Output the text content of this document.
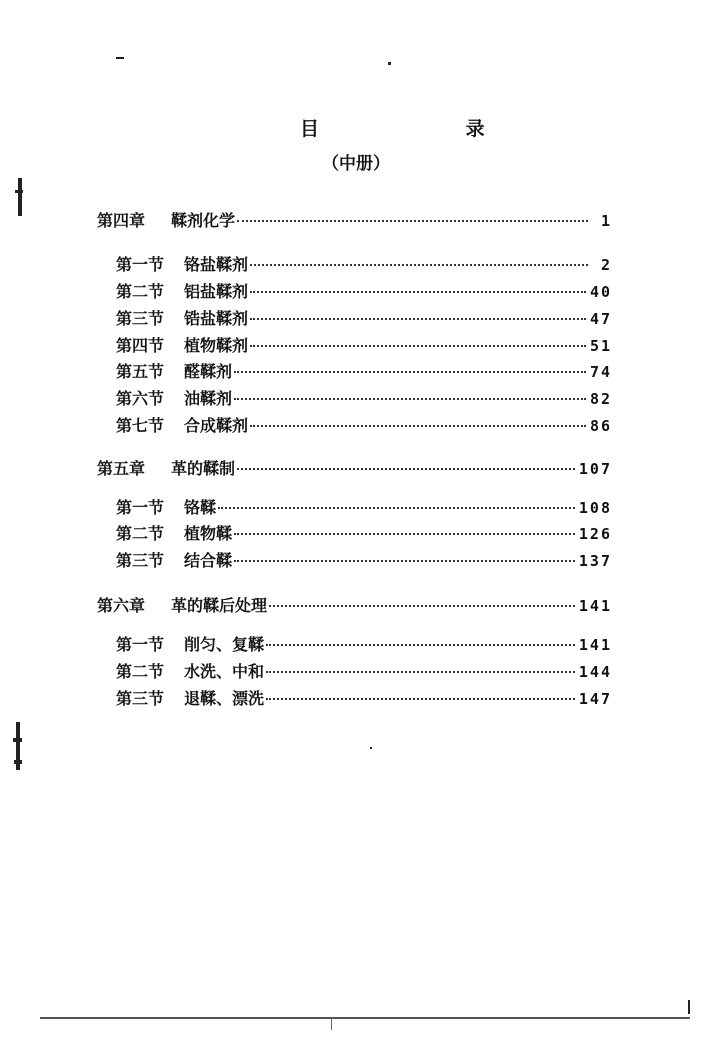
目 录
（中册）
第四章	鞣剂化学	1
第一节	铬盐鞣剂	2
第二节	铝盐鞣剂	40
第三节	锆盐鞣剂	47
第四节	植物鞣剂	51
第五节	醛鞣剂	74
第六节	油鞣剂	82
第七节	合成鞣剂	86
第五章	革的鞣制	107
第一节	铬鞣	108
第二节	植物鞣	126
第三节	结合鞣	137
第六章	革的鞣后处理	141
第一节	削匀、复鞣	141
第二节	水洗、中和	144
第三节	退鞣、漂洗	147
